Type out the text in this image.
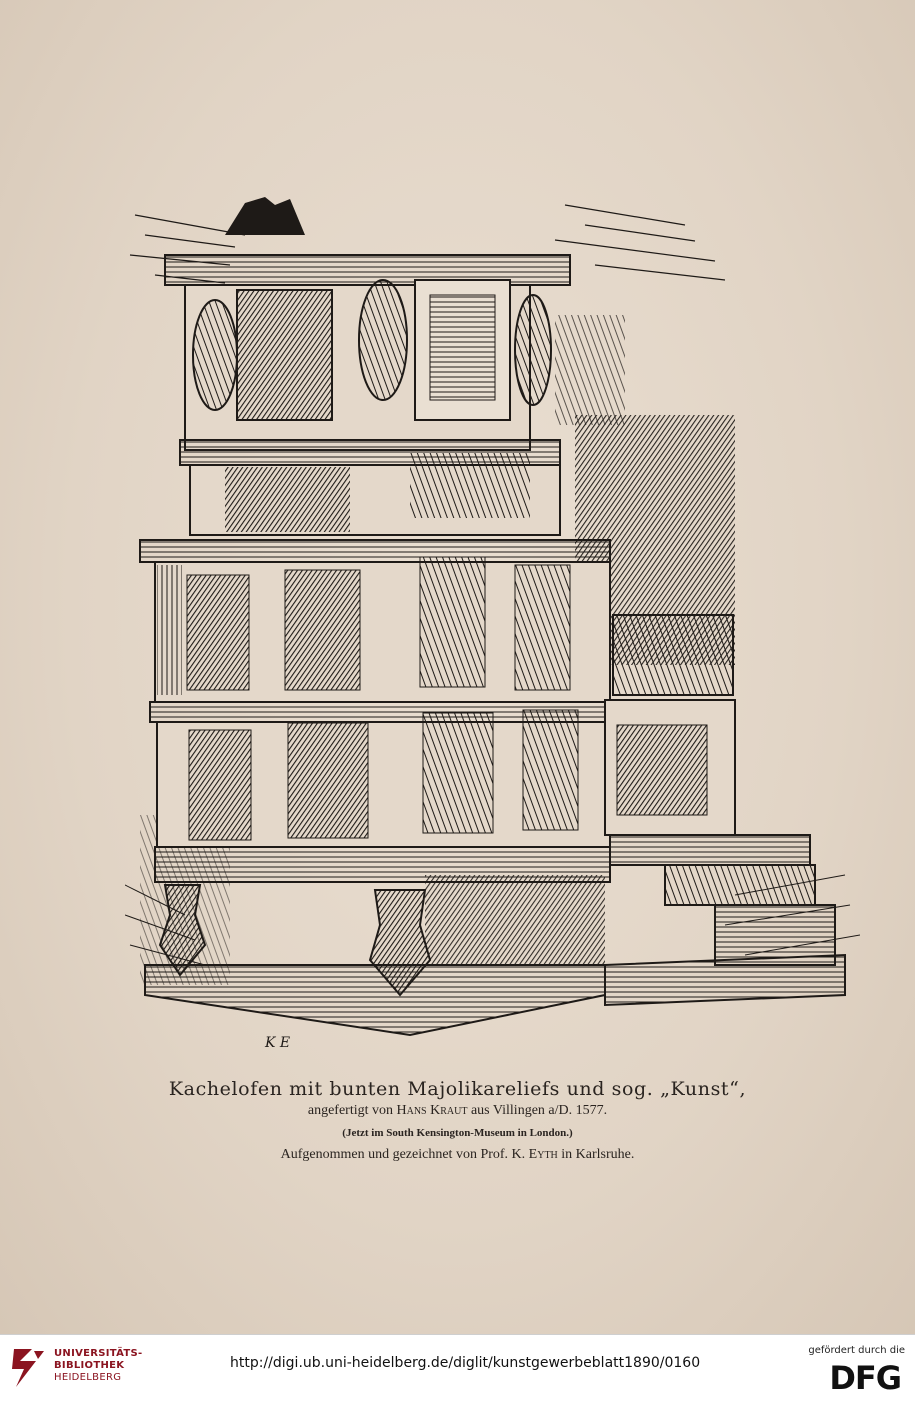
K E
Kachelofen mit bunten Majolikareliefs und sog. „Kunst“,
angefertigt von Hans Kraut aus Villingen a/D. 1577.
(Jetzt im South Kensington-Museum in London.)
Aufgenommen und gezeichnet von Prof. K. Eyth in Karlsruhe.
UNIVERSITÄTS-
BIBLIOTHEK
HEIDELBERG
http://digi.ub.uni-heidelberg.de/diglit/kunstgewerbeblatt1890/0160
gefördert durch die
DFG
